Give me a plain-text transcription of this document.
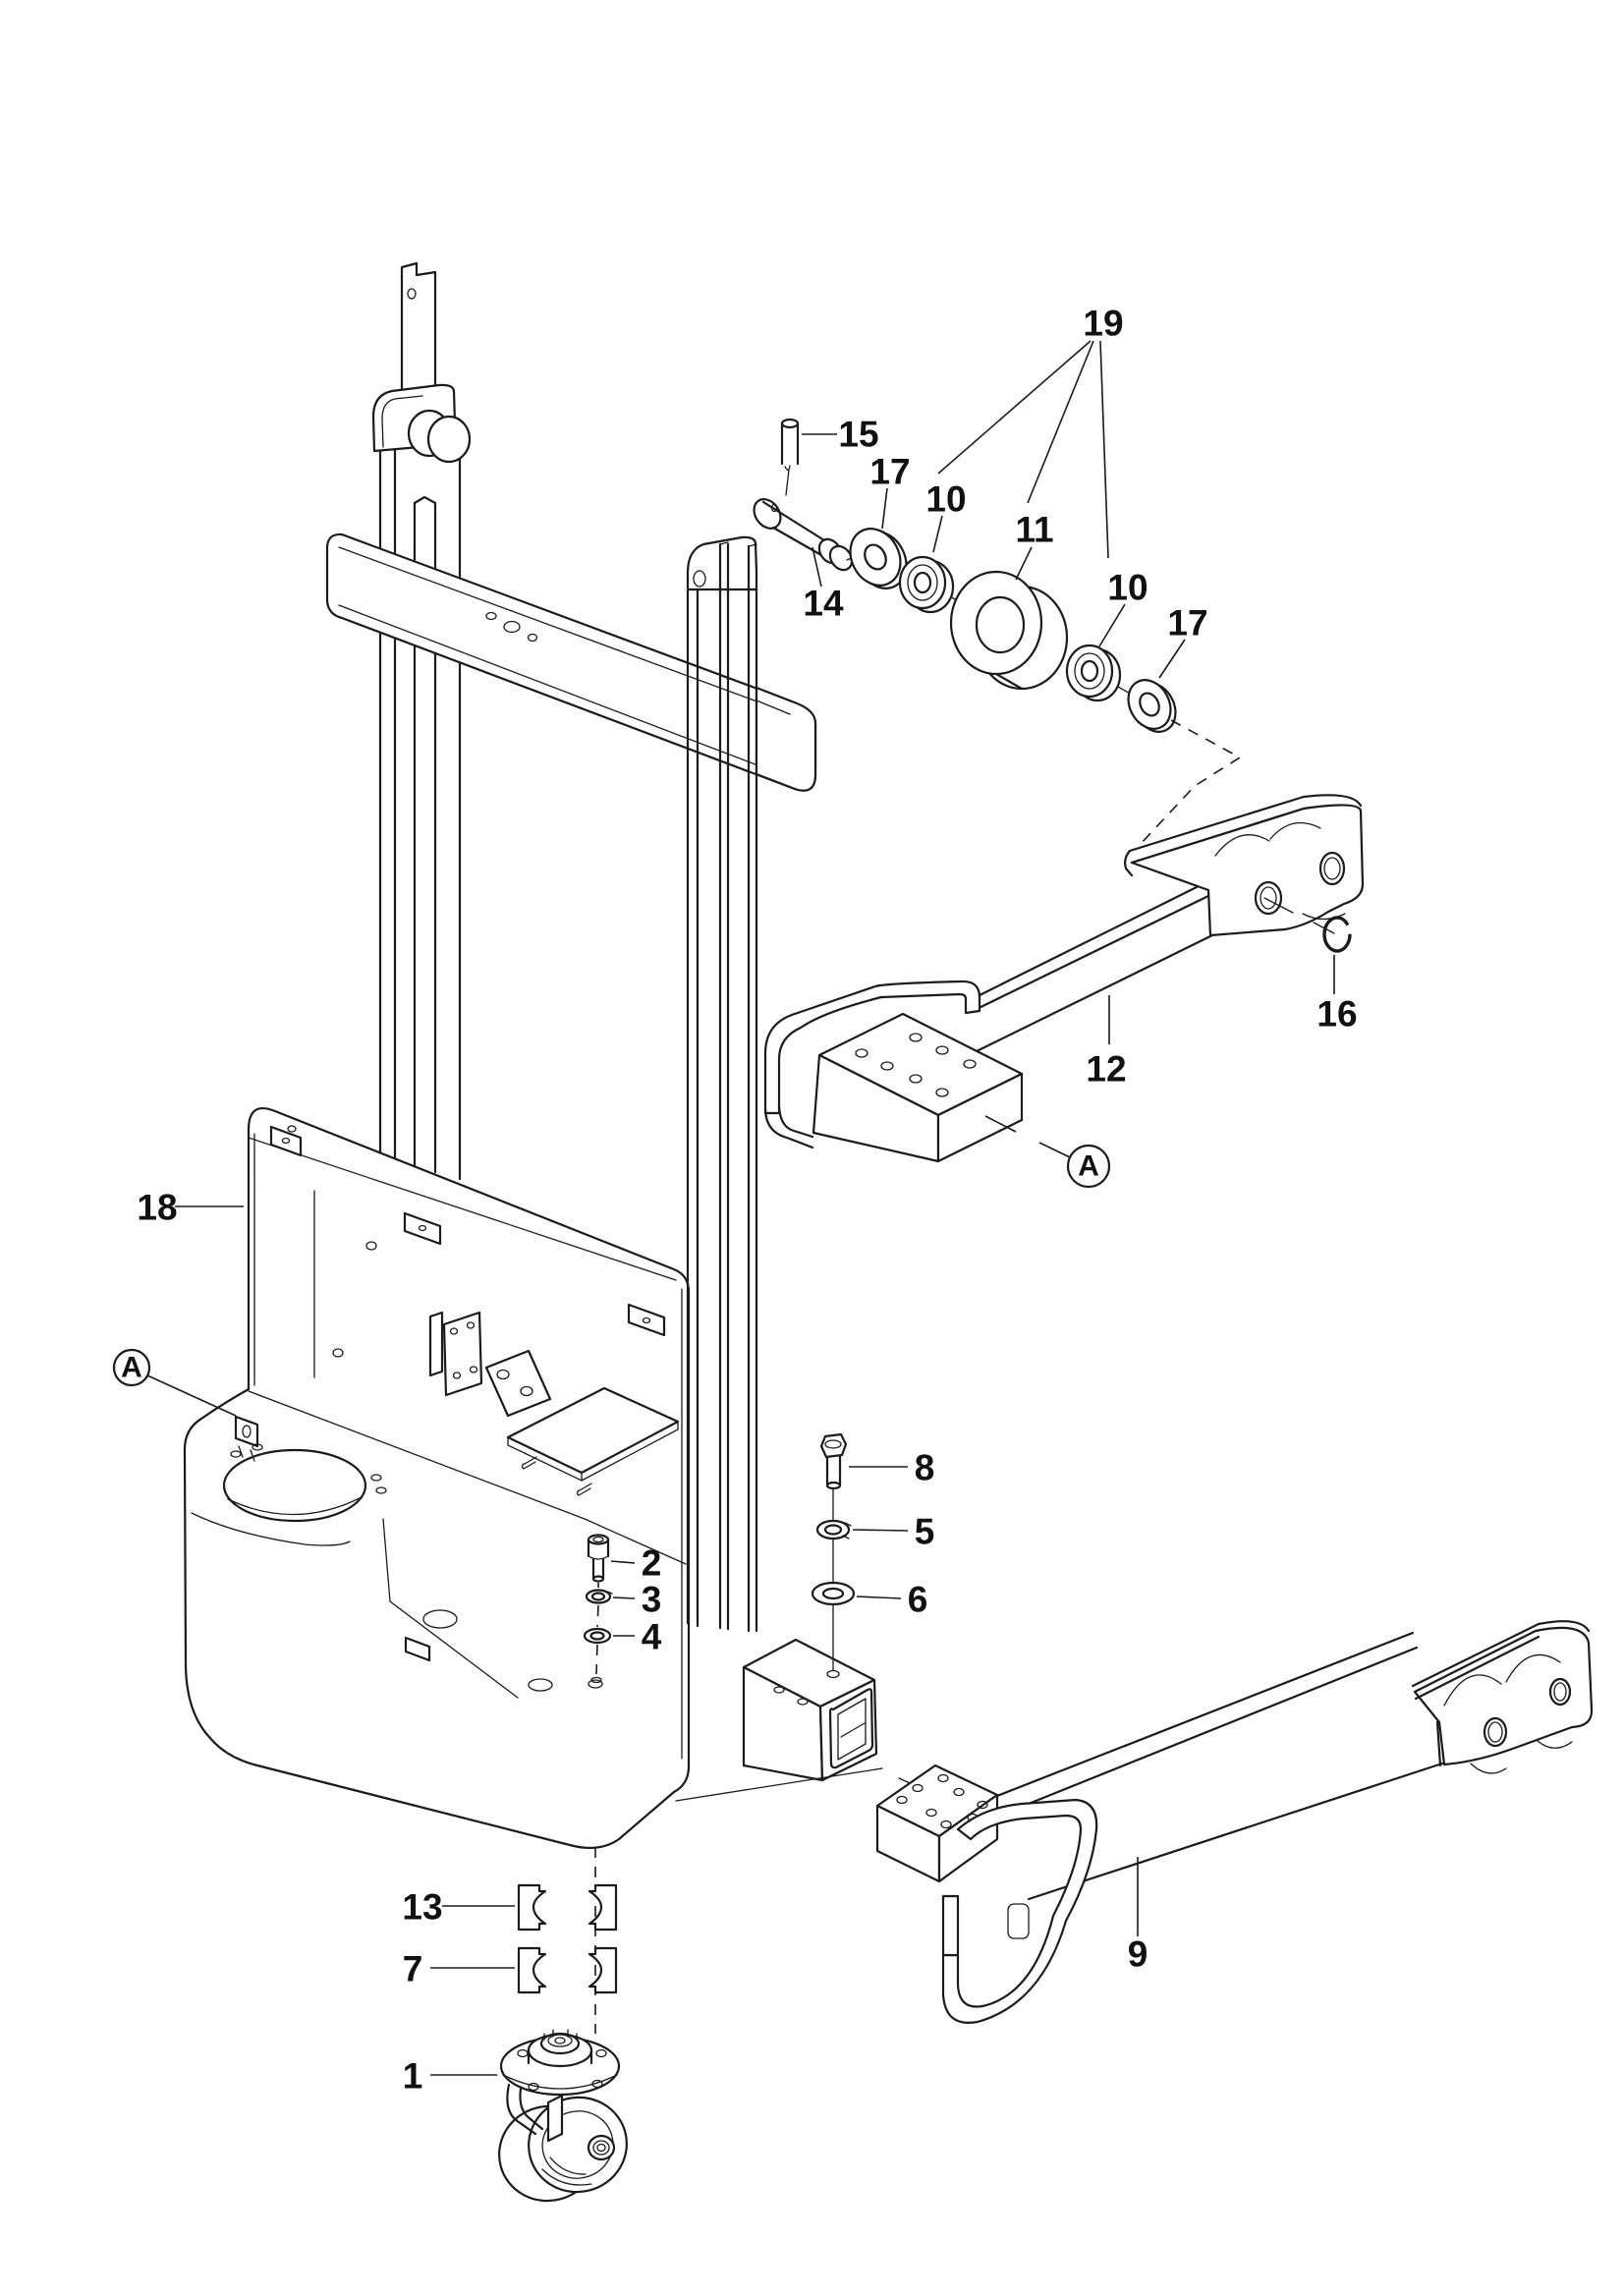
19
15
17
10
11
10
17
14
16
12
9
18
8
5
6
2
3
4
13
7
1
A
A
